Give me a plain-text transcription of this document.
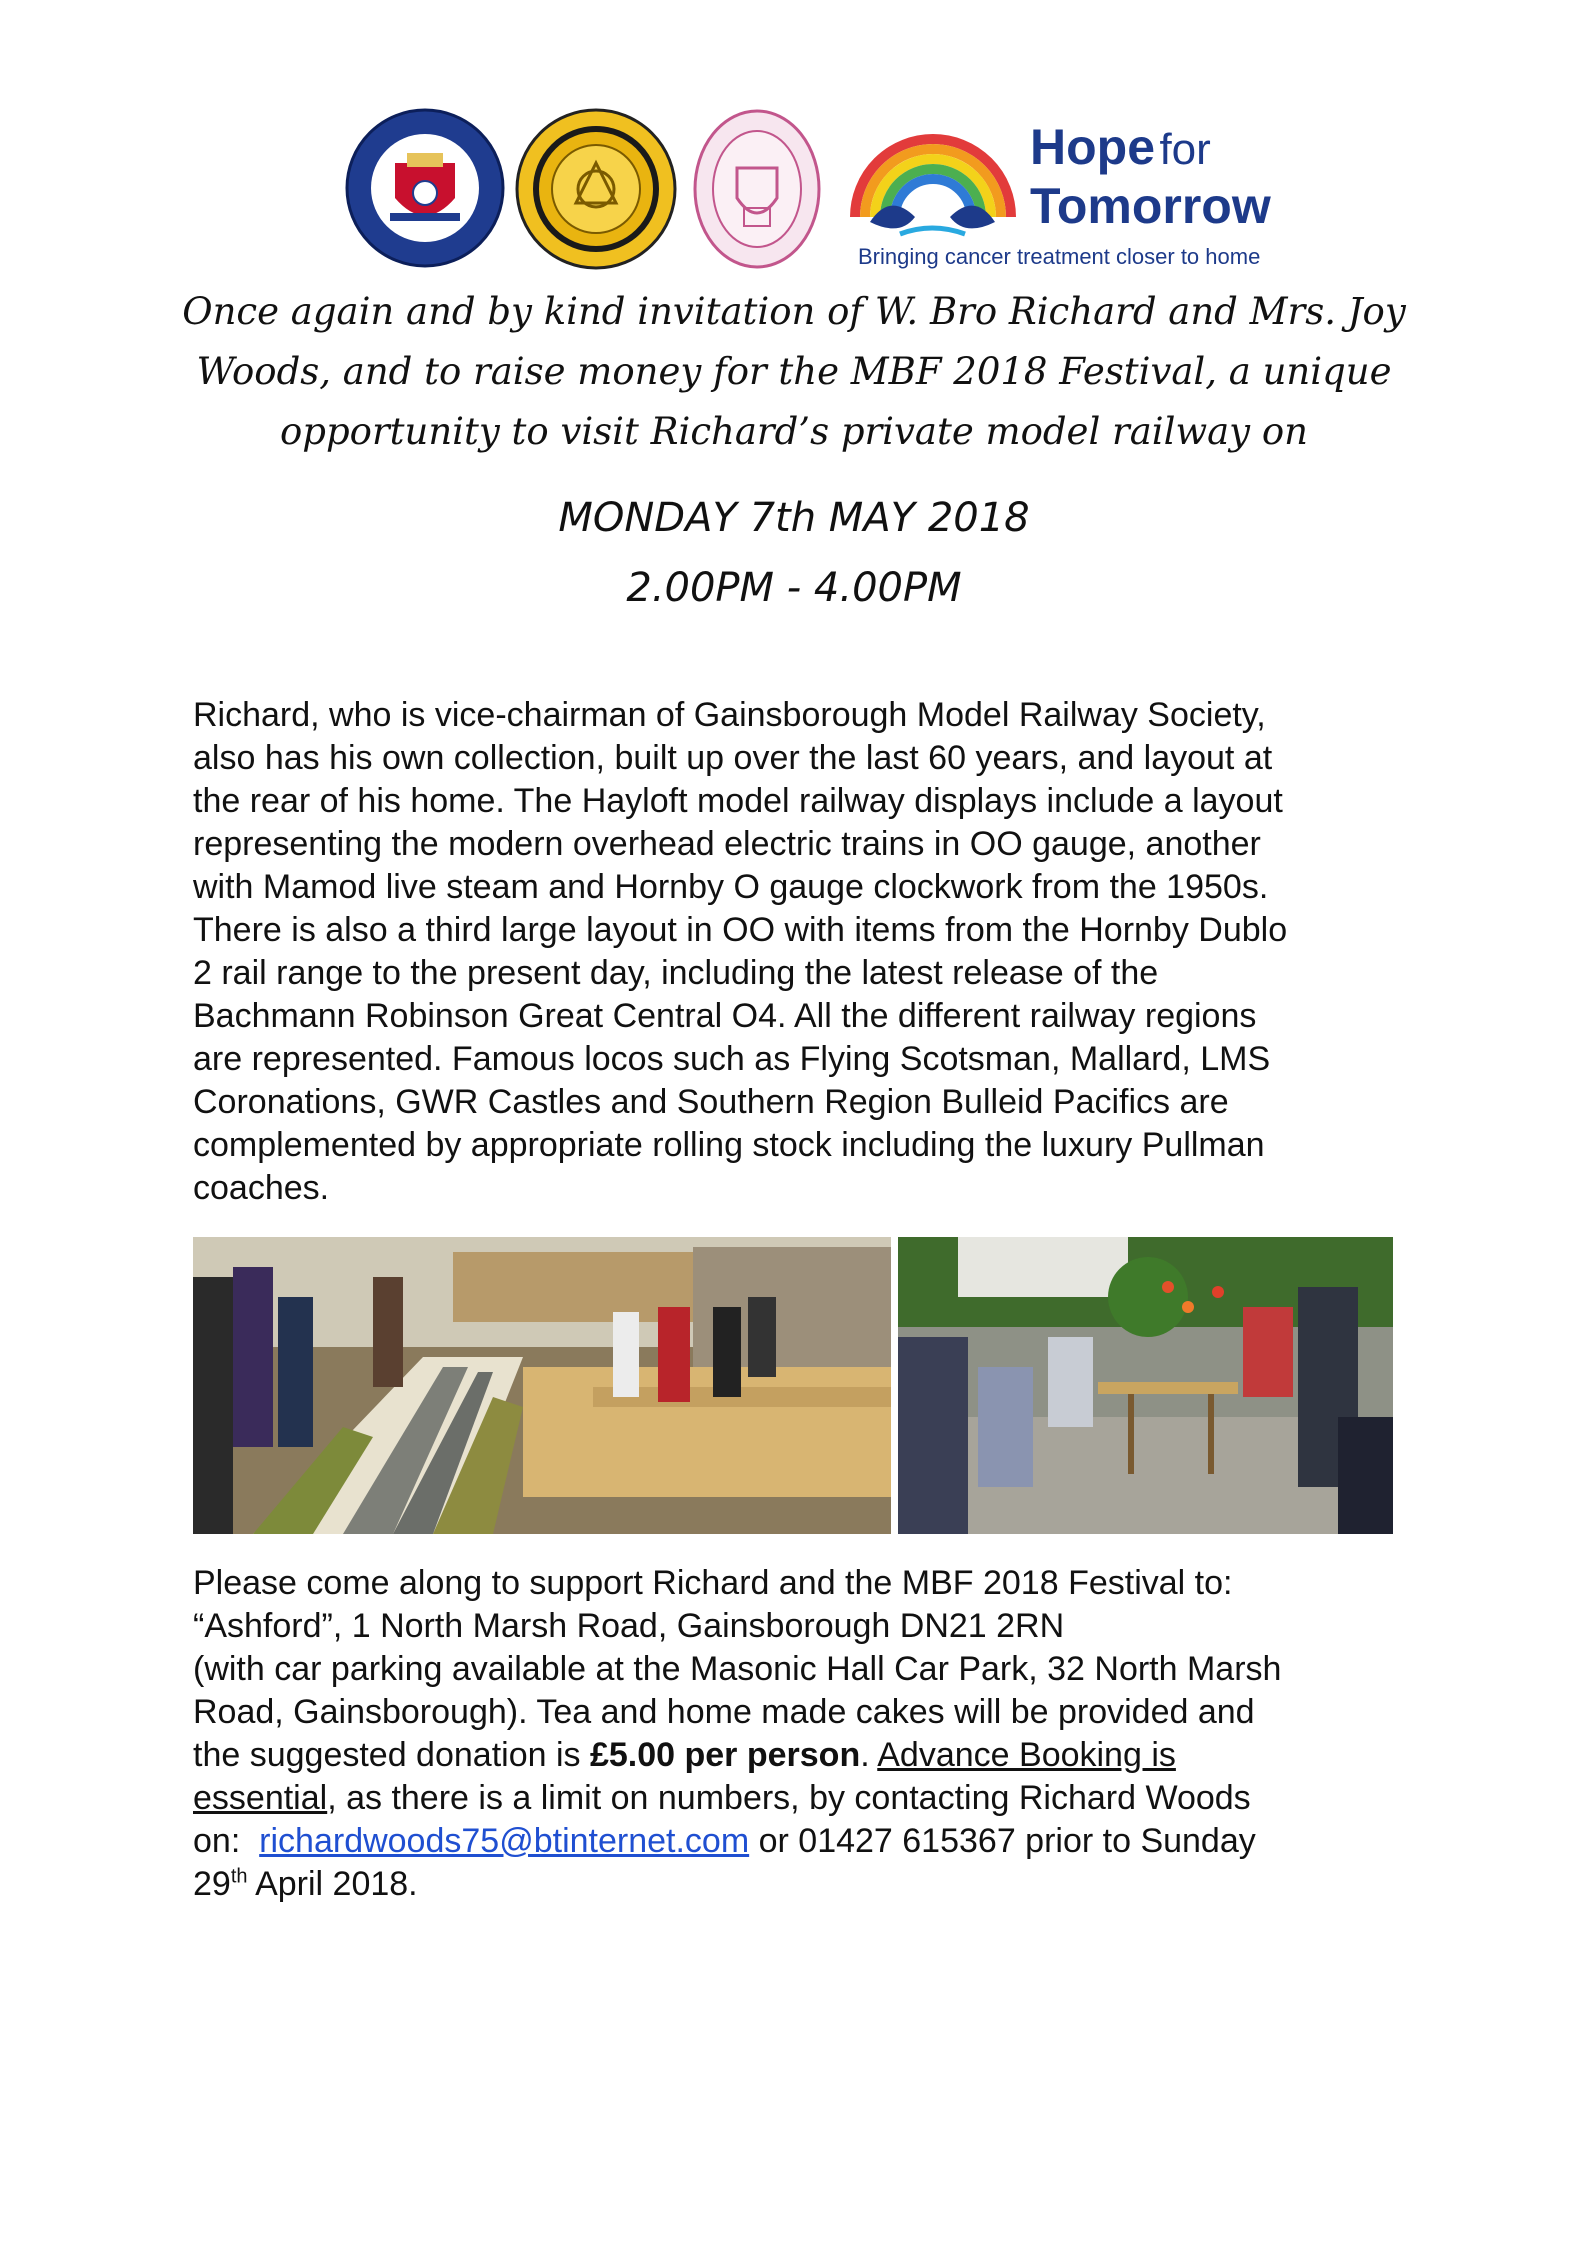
Hope for
Tomorrow
Bringing cancer treatment closer to home
Once again and by kind invitation of W. Bro Richard and Mrs. Joy
Woods, and to raise money for the MBF 2018 Festival, a unique
opportunity to visit Richard’s private model railway on
MONDAY 7th MAY 2018
2.00PM - 4.00PM

Richard, who is vice-chairman of Gainsborough Model Railway Society,

also has his own collection, built up over the last 60 years, and layout at

the rear of his home. The Hayloft model railway displays include a layout

representing the modern overhead electric trains in OO gauge, another

with Mamod live steam and Hornby O gauge clockwork from the 1950s.

There is also a third large layout in OO with items from the Hornby Dublo

2 rail range to the present day, including the latest release of the

Bachmann Robinson Great Central O4. All the different railway regions

are represented. Famous locos such as Flying Scotsman, Mallard, LMS

Coronations, GWR Castles and Southern Region Bulleid Pacifics are

complemented by appropriate rolling stock including the luxury Pullman

coaches.

Please come along to support Richard and the MBF 2018 Festival to:

“Ashford”, 1 North Marsh Road, Gainsborough DN21 2RN

(with car parking available at the Masonic Hall Car Park, 32 North Marsh

Road, Gainsborough). Tea and home made cakes will be provided and

the suggested donation is £5.00 per person. Advance Booking is

essential, as there is a limit on numbers, by contacting Richard Woods

on:  richardwoods75@btinternet.com or 01427 615367 prior to Sunday

29th April 2018.
